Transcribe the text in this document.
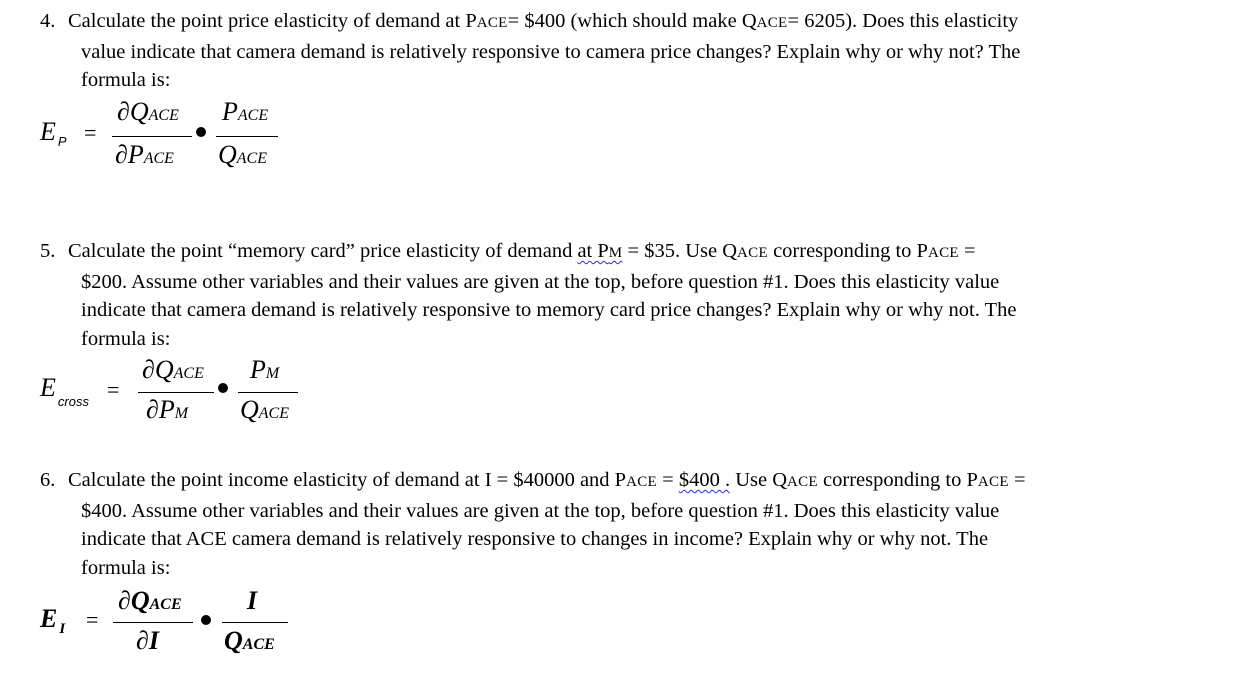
4. Calculate the point price elasticity of demand at PACE= $400 (which should make QACE= 6205). Does this elasticity
value indicate that camera demand is relatively responsive to camera price changes? Explain why or why not? The
formula is:
E $_P$ =
∂QACE
∂PACE
PACE
QACE
5. Calculate the point “memory card” price elasticity of demand at PM = $35. Use QACE corresponding to PACE =
$200. Assume other variables and their values are given at the top, before question #1. Does this elasticity value
indicate that camera demand is relatively responsive to memory card price changes? Explain why or why not. The
formula is:
E $_{cross}$ =
∂QACE
∂PM
PM
QACE
6. Calculate the point income elasticity of demand at I = $40000 and PACE = $400 . Use QACE corresponding to PACE =
$400. Assume other variables and their values are given at the top, before question #1. Does this elasticity value
indicate that ACE camera demand is relatively responsive to changes in income? Explain why or why not. The
formula is:
E $_I$ =
∂QACE
∂I
I
QACE
